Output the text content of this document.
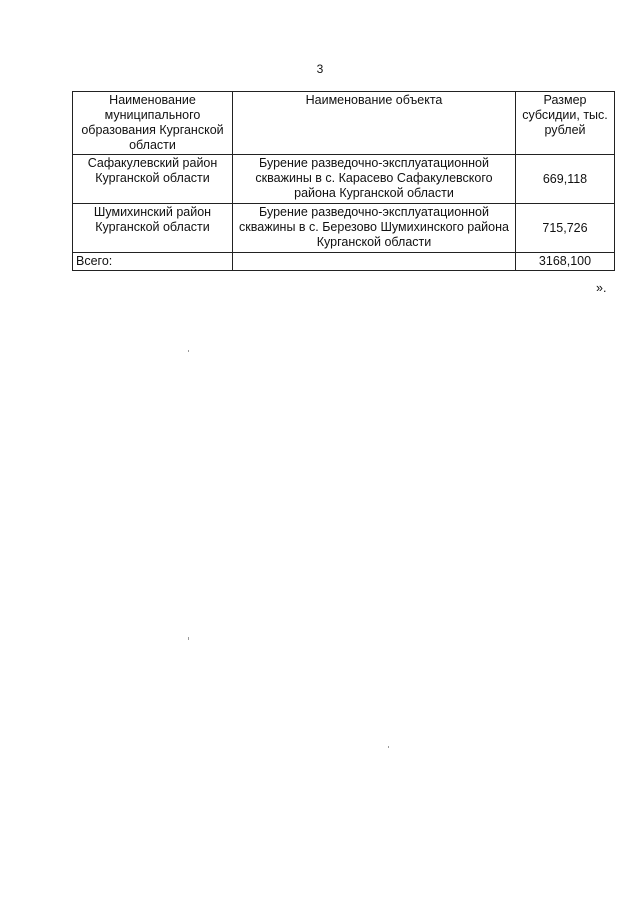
3
Наименование муниципального образования Курганской области	Наименование объекта	Размер субсидии, тыс. рублей
Сафакулевский район Курганской области	Бурение разведочно-эксплуатационной скважины в с. Карасево Сафакулевского района Курганской области	669,118
Шумихинский район Курганской области	Бурение разведочно-эксплуатационной скважины в с. Березово Шумихинского района Курганской области	715,726
Всего:		3168,100
».
